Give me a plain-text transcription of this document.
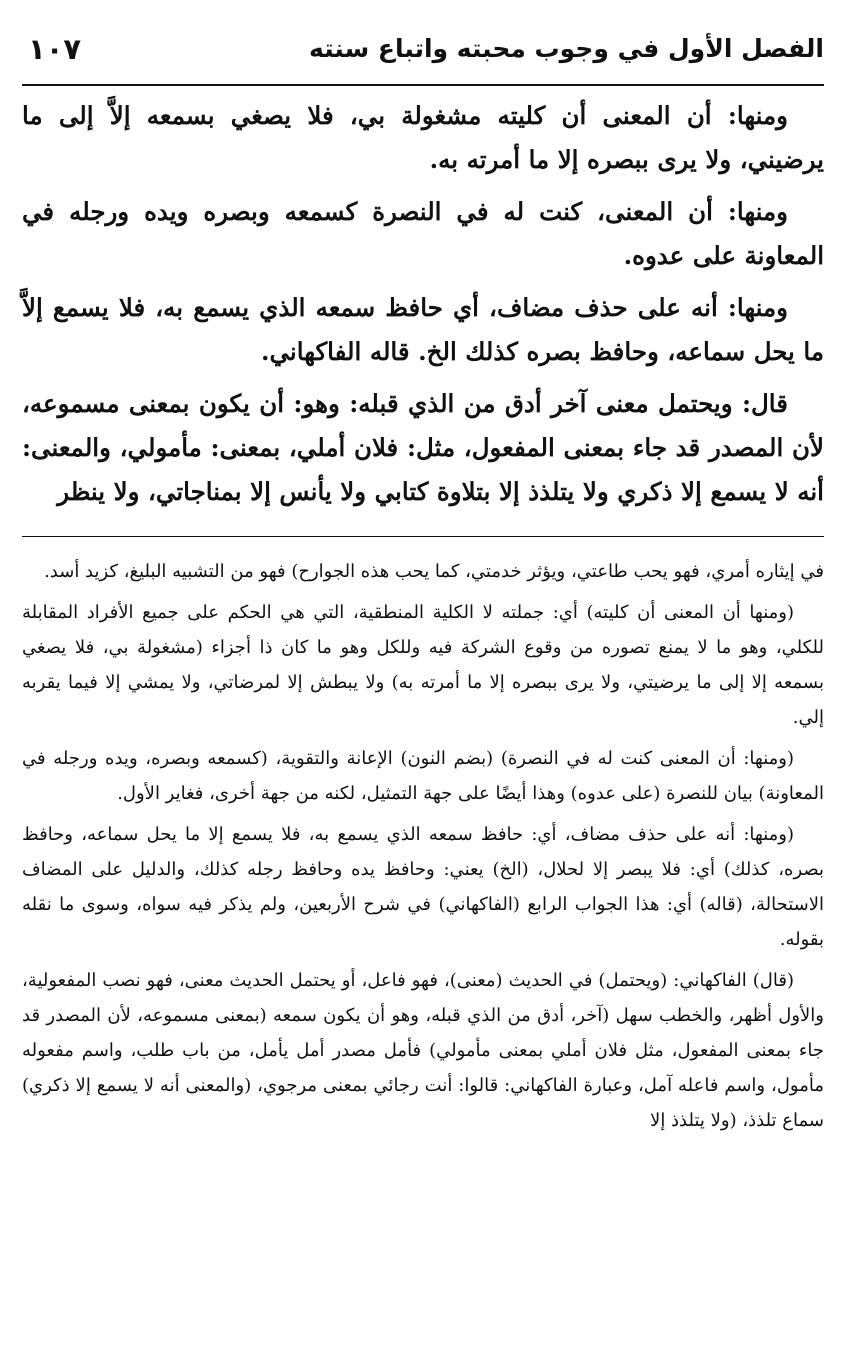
الفصل الأول في وجوب محبته واتباع سنته
١٠٧

ومنها: أن المعنى أن كليته مشغولة بي، فلا يصغي بسمعه إلاَّ إلى ما يرضيني، ولا يرى ببصره إلا ما أمرته به.

ومنها: أن المعنى، كنت له في النصرة كسمعه وبصره ويده ورجله في المعاونة على عدوه.

ومنها: أنه على حذف مضاف، أي حافظ سمعه الذي يسمع به، فلا يسمع إلاَّ ما يحل سماعه، وحافظ بصره كذلك الخ. قاله الفاكهاني.

قال: ويحتمل معنى آخر أدق من الذي قبله: وهو: أن يكون بمعنى مسموعه، لأن المصدر قد جاء بمعنى المفعول، مثل: فلان أملي، بمعنى: مأمولي، والمعنى: أنه لا يسمع إلا ذكري ولا يتلذذ إلا بتلاوة كتابي ولا يأنس إلا بمناجاتي، ولا ينظر

في إيثاره أمري، فهو يحب طاعتي، ويؤثر خدمتي، كما يحب هذه الجوارح) فهو من التشبيه البليغ، كزيد أسد.

(ومنها أن المعنى أن كليته) أي: جملته لا الكلية المنطقية، التي هي الحكم على جميع الأفراد المقابلة للكلي، وهو ما لا يمنع تصوره من وقوع الشركة فيه وللكل وهو ما كان ذا أجزاء (مشغولة بي، فلا يصغي بسمعه إلا إلى ما يرضيتي، ولا يرى ببصره إلا ما أمرته به) ولا يبطش إلا لمرضاتي، ولا يمشي إلا فيما يقربه إلي.

(ومنها: أن المعنى كنت له في النصرة) (بضم النون) الإعانة والتقوية، (كسمعه وبصره، ويده ورجله في المعاونة) بيان للنصرة (على عدوه) وهذا أيضًا على جهة التمثيل، لكنه من جهة أخرى، فغاير الأول.

(ومنها: أنه على حذف مضاف، أي: حافظ سمعه الذي يسمع به، فلا يسمع إلا ما يحل سماعه، وحافظ بصره، كذلك) أي: فلا يبصر إلا لحلال، (الخ) يعني: وحافظ يده وحافظ رجله كذلك، والدليل على المضاف الاستحالة، (قاله) أي: هذا الجواب الرابع (الفاكهاني) في شرح الأربعين، ولم يذكر فيه سواه، وسوى ما نقله بقوله.

(قال) الفاكهاني: (ويحتمل) في الحديث (معنى)، فهو فاعل، أو يحتمل الحديث معنى، فهو نصب المفعولية، والأول أظهر، والخطب سهل (آخر، أدق من الذي قبله، وهو أن يكون سمعه (بمعنى مسموعه، لأن المصدر قد جاء بمعنى المفعول، مثل فلان أملي بمعنى مأمولي) فأمل مصدر أمل يأمل، من باب طلب، واسم مفعوله مأمول، واسم فاعله آمل، وعبارة الفاكهاني: قالوا: أنت رجائي بمعنى مرجوي، (والمعنى أنه لا يسمع إلا ذكري) سماع تلذذ، (ولا يتلذذ إلا
